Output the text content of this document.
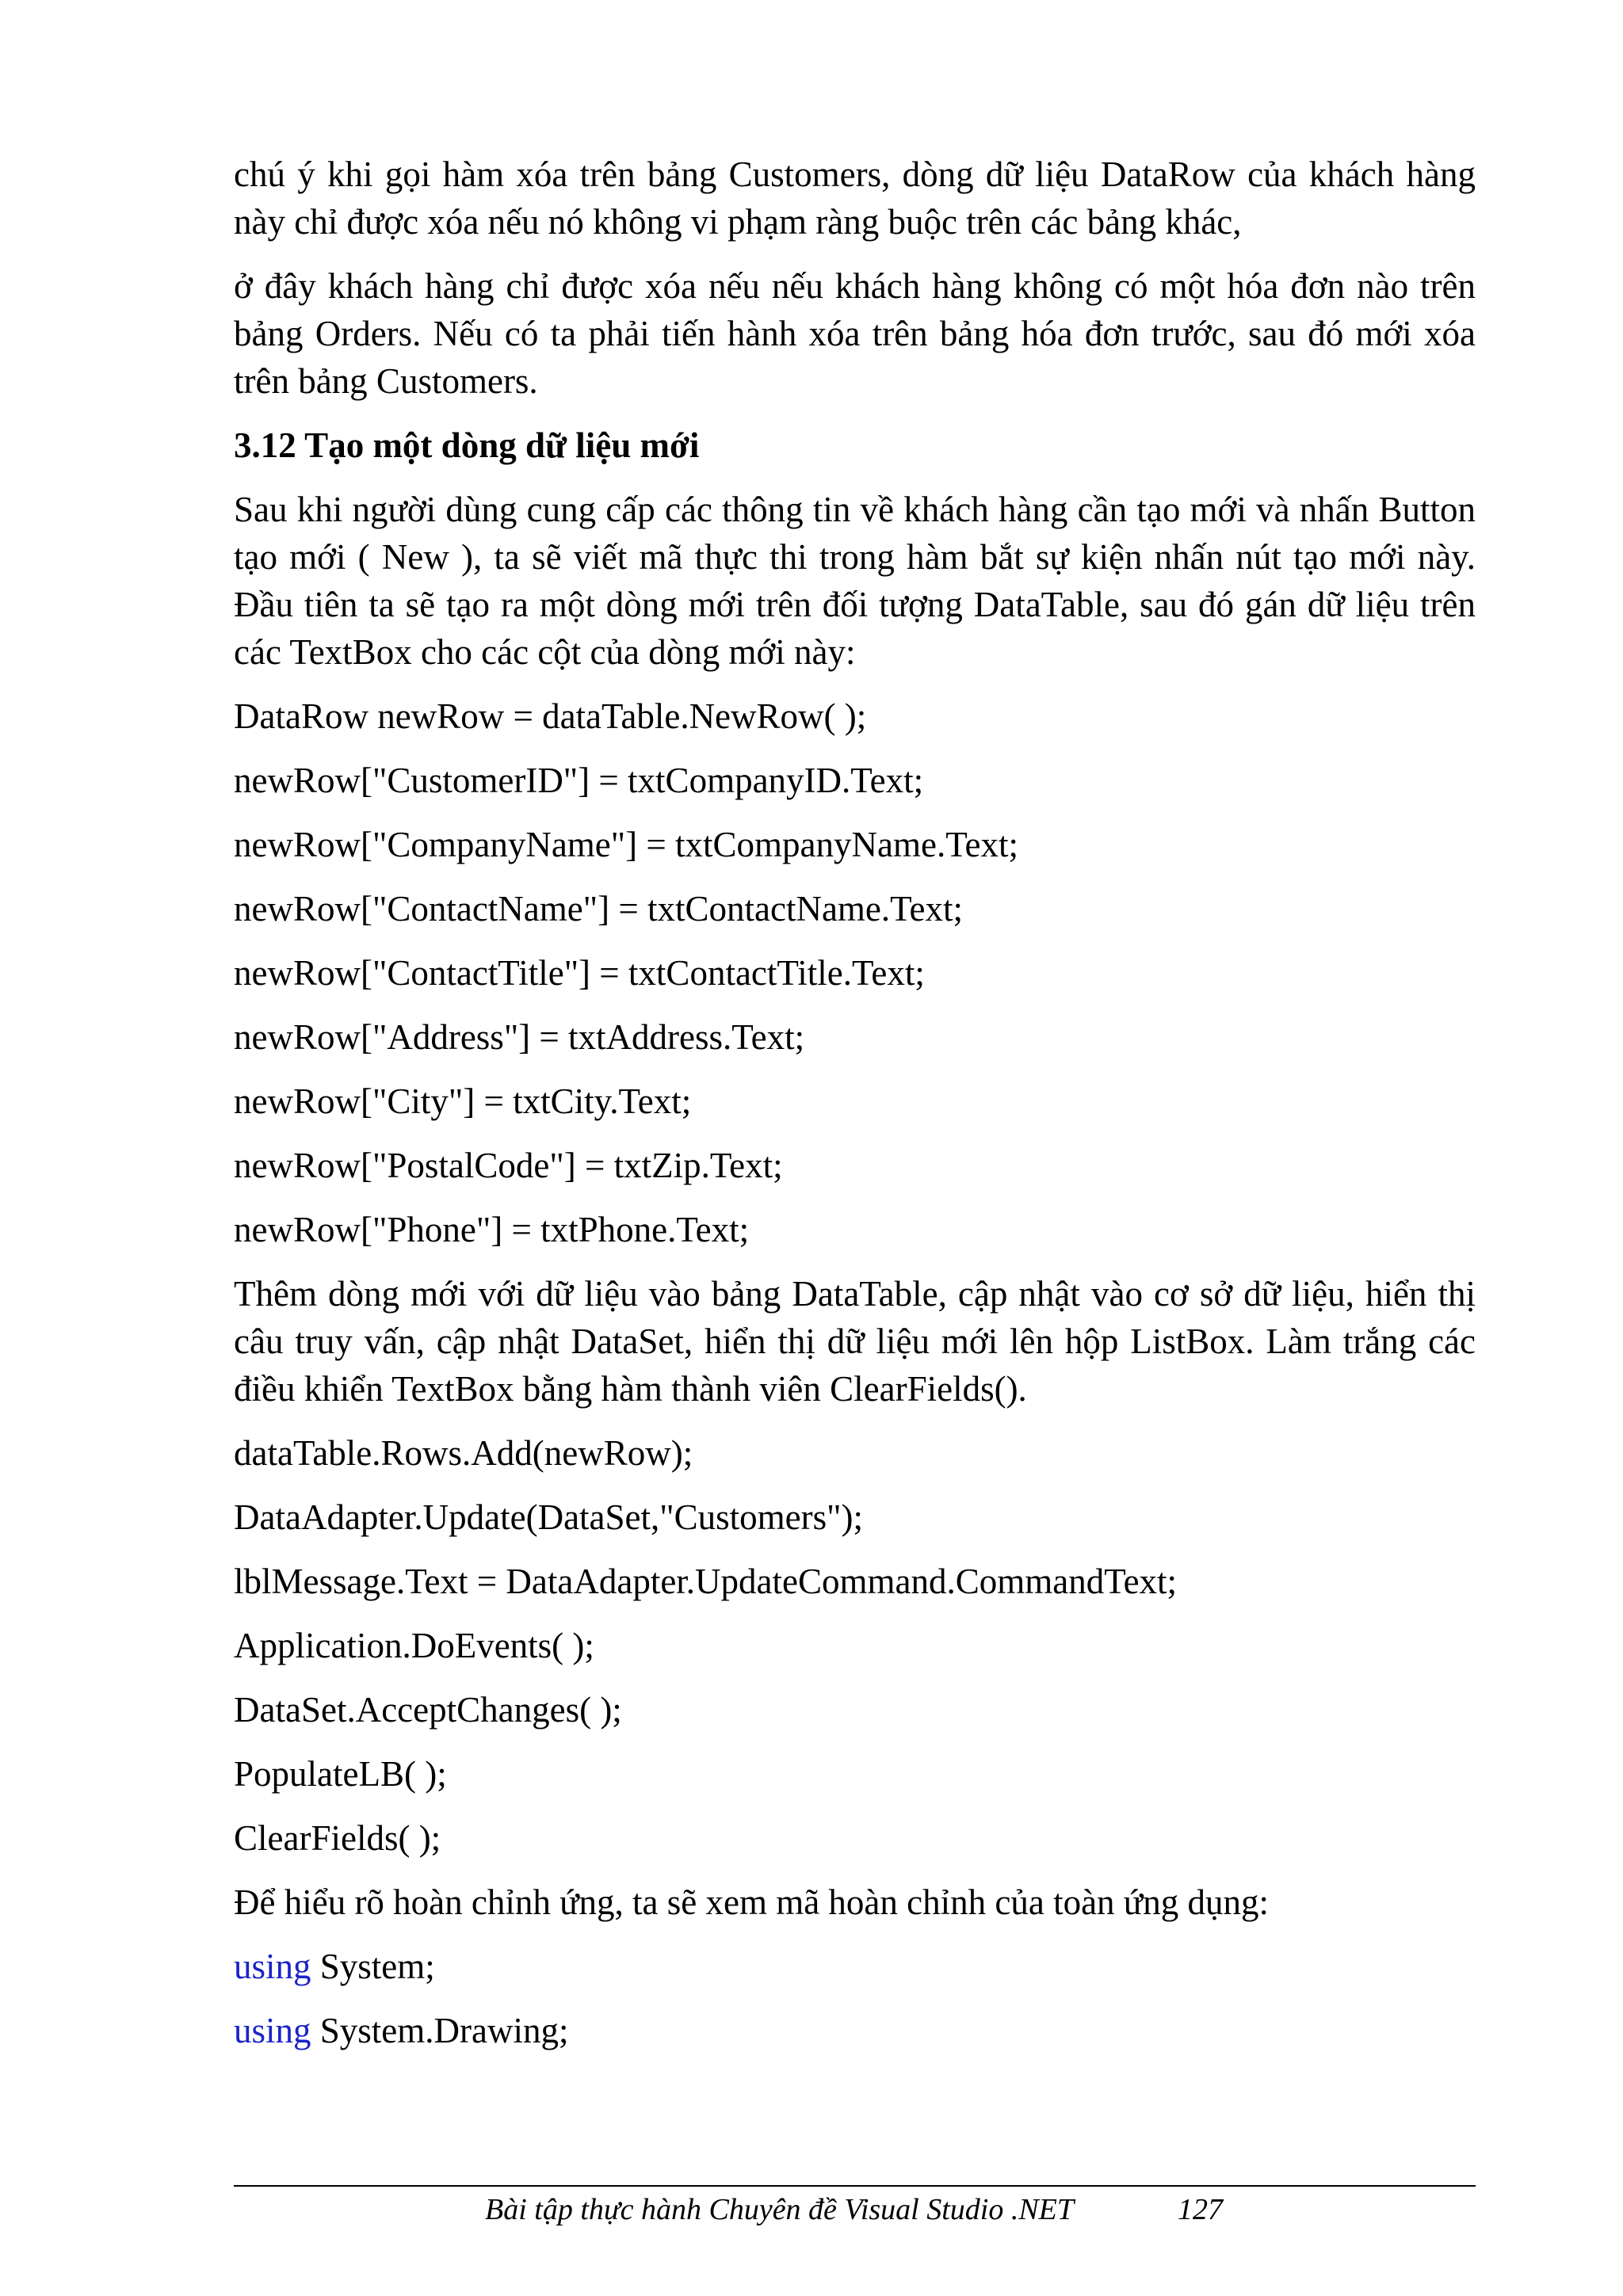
chú ý khi gọi hàm xóa trên bảng Customers, dòng dữ liệu DataRow của khách hàng
này chỉ được xóa nếu nó không vi phạm ràng buộc trên các bảng khác,

ở đây khách hàng chỉ được xóa nếu nếu khách hàng không có một hóa đơn nào trên bảng Orders. Nếu có ta phải tiến hành xóa trên bảng hóa đơn trước, sau đó mới xóa trên bảng Customers.

3.12 Tạo một dòng dữ liệu mới

Sau khi người dùng cung cấp các thông tin về khách hàng cần tạo mới và nhấn Button tạo mới ( New ), ta sẽ viết mã thực thi trong hàm bắt sự kiện nhấn nút tạo mới này. Đầu tiên ta sẽ tạo ra một dòng mới trên đối tượng DataTable, sau đó gán dữ liệu trên các TextBox cho các cột của dòng mới này:

DataRow newRow = dataTable.NewRow( );
newRow["CustomerID"] = txtCompanyID.Text;
newRow["CompanyName"] = txtCompanyName.Text;
newRow["ContactName"] = txtContactName.Text;
newRow["ContactTitle"] = txtContactTitle.Text;
newRow["Address"] = txtAddress.Text;
newRow["City"] = txtCity.Text;
newRow["PostalCode"] = txtZip.Text;
newRow["Phone"] = txtPhone.Text;

Thêm dòng mới với dữ liệu vào bảng DataTable, cập nhật vào cơ sở dữ liệu, hiển thị câu truy vấn, cập nhật DataSet, hiển thị dữ liệu mới lên hộp ListBox. Làm trắng các điều khiển TextBox bằng hàm thành viên ClearFields().

dataTable.Rows.Add(newRow);
DataAdapter.Update(DataSet,"Customers");
lblMessage.Text = DataAdapter.UpdateCommand.CommandText;
Application.DoEvents( );
DataSet.AcceptChanges( );
PopulateLB( );
ClearFields( );

Để hiểu rõ hoàn chỉnh ứng, ta sẽ xem mã hoàn chỉnh của toàn ứng dụng:

using System;
using System.Drawing;
Bài tập thực hành Chuyên đề Visual Studio .NET	127
